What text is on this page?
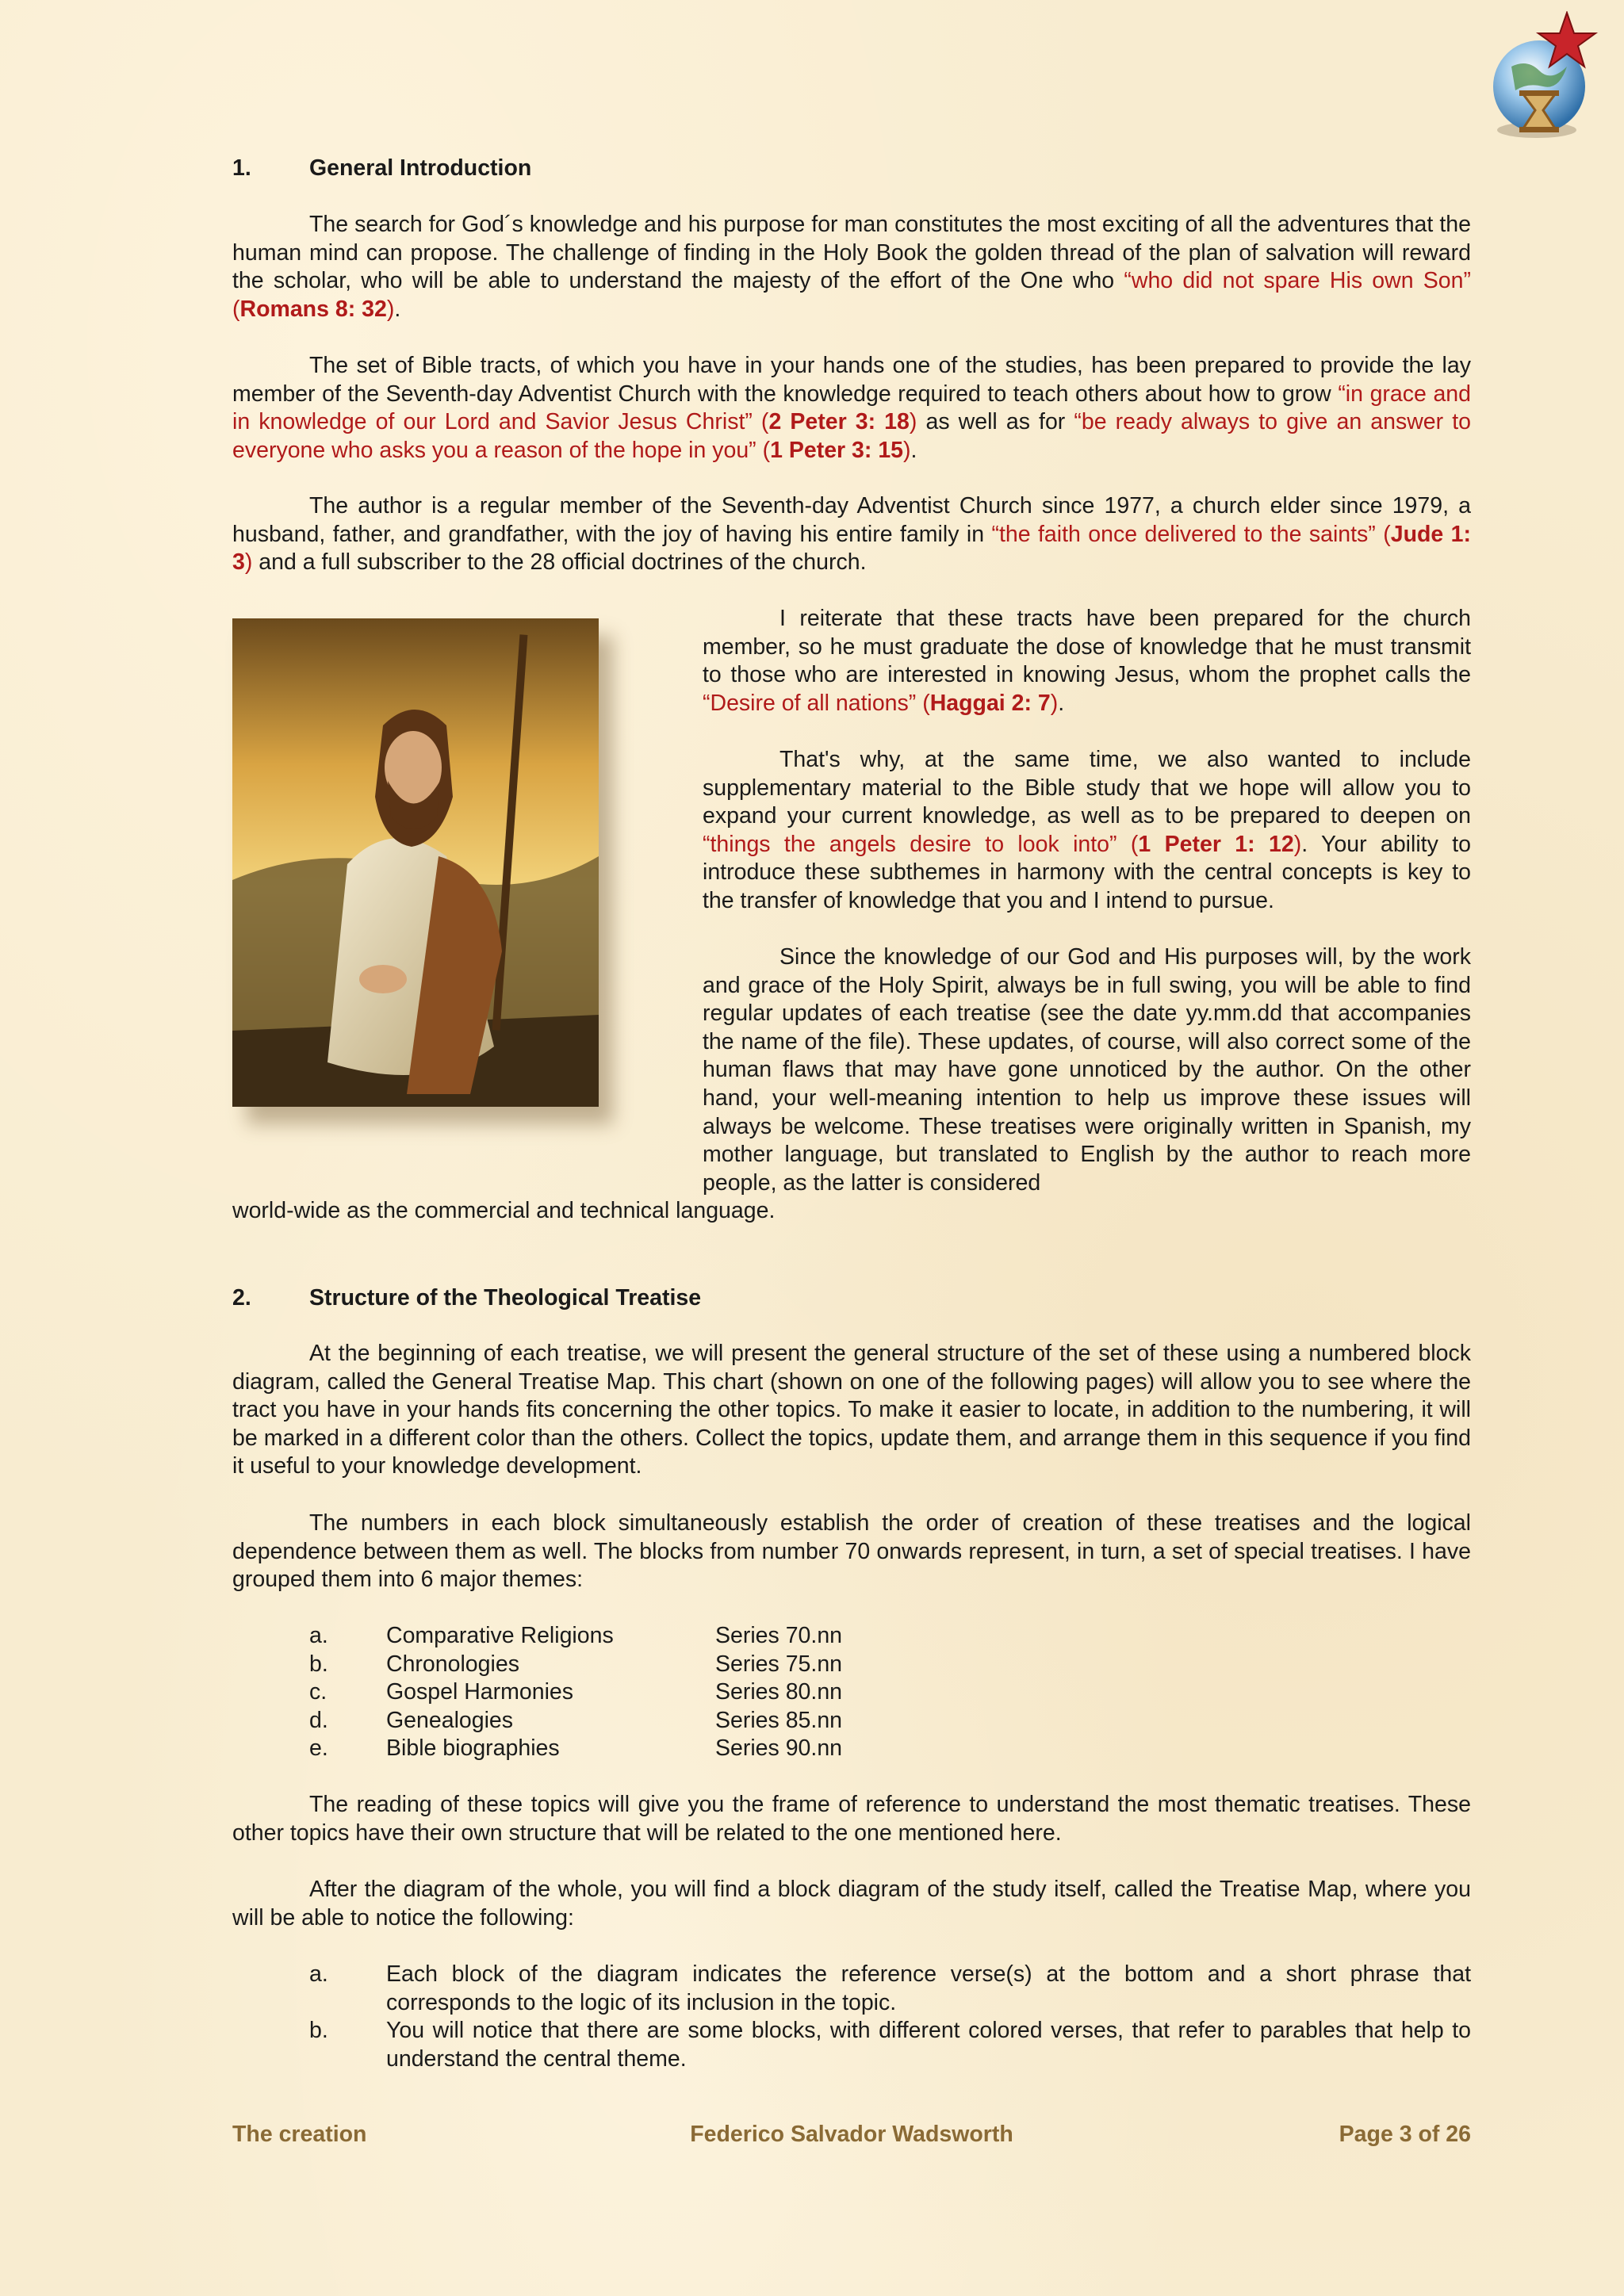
1.	General Introduction

The search for God´s knowledge and his purpose for man constitutes the most exciting of all the adventures that the human mind can propose. The challenge of finding in the Holy Book the golden thread of the plan of salvation will reward the scholar, who will be able to understand the majesty of the effort of the One who “who did not spare His own Son” (Romans 8: 32).

The set of Bible tracts, of which you have in your hands one of the studies, has been prepared to provide the lay member of the Seventh-day Adventist Church with the knowledge required to teach others about how to grow “in grace and in knowledge of our Lord and Savior Jesus Christ” (2 Peter 3: 18) as well as for “be ready always to give an answer to everyone who asks you a reason of the hope in you” (1 Peter 3: 15).

The author is a regular member of the Seventh-day Adventist Church since 1977, a church elder since 1979, a husband, father, and grandfather, with the joy of having his entire family in “the faith once delivered to the saints” (Jude 1: 3) and a full subscriber to the 28 official doctrines of the church.

I reiterate that these tracts have been prepared for the church member, so he must graduate the dose of knowledge that he must transmit to those who are interested in knowing Jesus, whom the prophet calls the “Desire of all nations” (Haggai 2: 7).

That's why, at the same time, we also wanted to include supplementary material to the Bible study that we hope will allow you to expand your current knowledge, as well as to be prepared to deepen on “things the angels desire to look into” (1 Peter 1: 12). Your ability to introduce these subthemes in harmony with the central concepts is key to the transfer of knowledge that you and I intend to pursue.

Since the knowledge of our God and His purposes will, by the work and grace of the Holy Spirit, always be in full swing, you will be able to find regular updates of each treatise (see the date yy.mm.dd that accompanies the name of the file). These updates, of course, will also correct some of the human flaws that may have gone unnoticed by the author. On the other hand, your well-meaning intention to help us improve these issues will always be welcome. These treatises were originally written in Spanish, my mother language, but translated to English by the author to reach more people, as the latter is considered

world-wide as the commercial and technical language.

2.	Structure of the Theological Treatise

At the beginning of each treatise, we will present the general structure of the set of these using a numbered block diagram, called the General Treatise Map. This chart (shown on one of the following pages) will allow you to see where the tract you have in your hands fits concerning the other topics. To make it easier to locate, in addition to the numbering, it will be marked in a different color than the others. Collect the topics, update them, and arrange them in this sequence if you find it useful to your knowledge development.

The numbers in each block simultaneously establish the order of creation of these treatises and the logical dependence between them as well. The blocks from number 70 onwards represent, in turn, a set of special treatises. I have grouped them into 6 major themes:

a.	Comparative Religions	Series 70.nn
b.	Chronologies	Series 75.nn
c.	Gospel Harmonies	Series 80.nn
d.	Genealogies	Series 85.nn
e.	Bible biographies	Series 90.nn

The reading of these topics will give you the frame of reference to understand the most thematic treatises. These other topics have their own structure that will be related to the one mentioned here.

After the diagram of the whole, you will find a block diagram of the study itself, called the Treatise Map, where you will be able to notice the following:

a.	Each block of the diagram indicates the reference verse(s) at the bottom and a short phrase that corresponds to the logic of its inclusion in the topic.
b.	You will notice that there are some blocks, with different colored verses, that refer to parables that help to understand the central theme.
The creation	Federico Salvador Wadsworth	Page 3 of 26
